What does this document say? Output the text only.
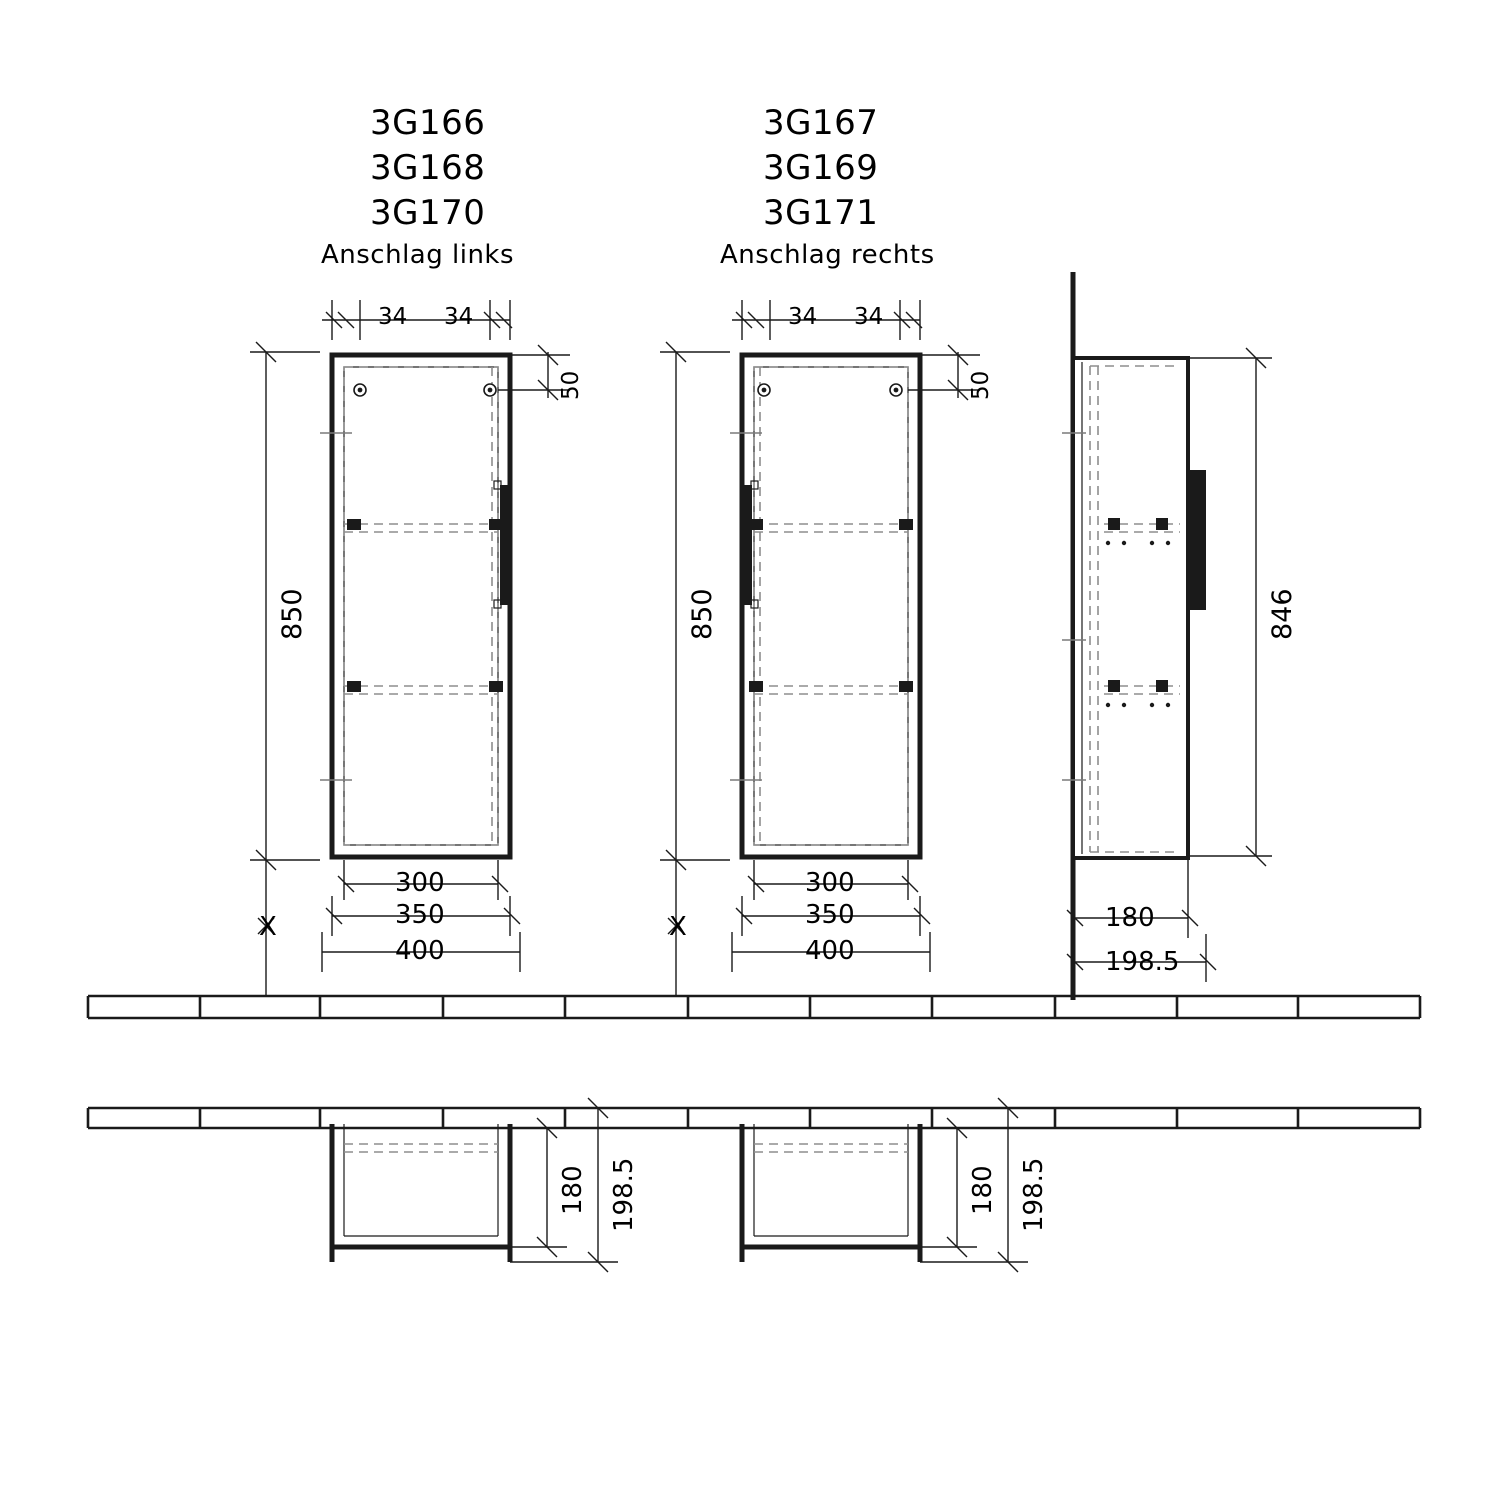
3G166
3G168
3G170
Anschlag links
3G167
3G169
3G171
Anschlag rechts
34 34
50
850
300
350
400
34 34
50
850
300
350
400
846
180
198.5
180 198.5	180 198.5
X	X
